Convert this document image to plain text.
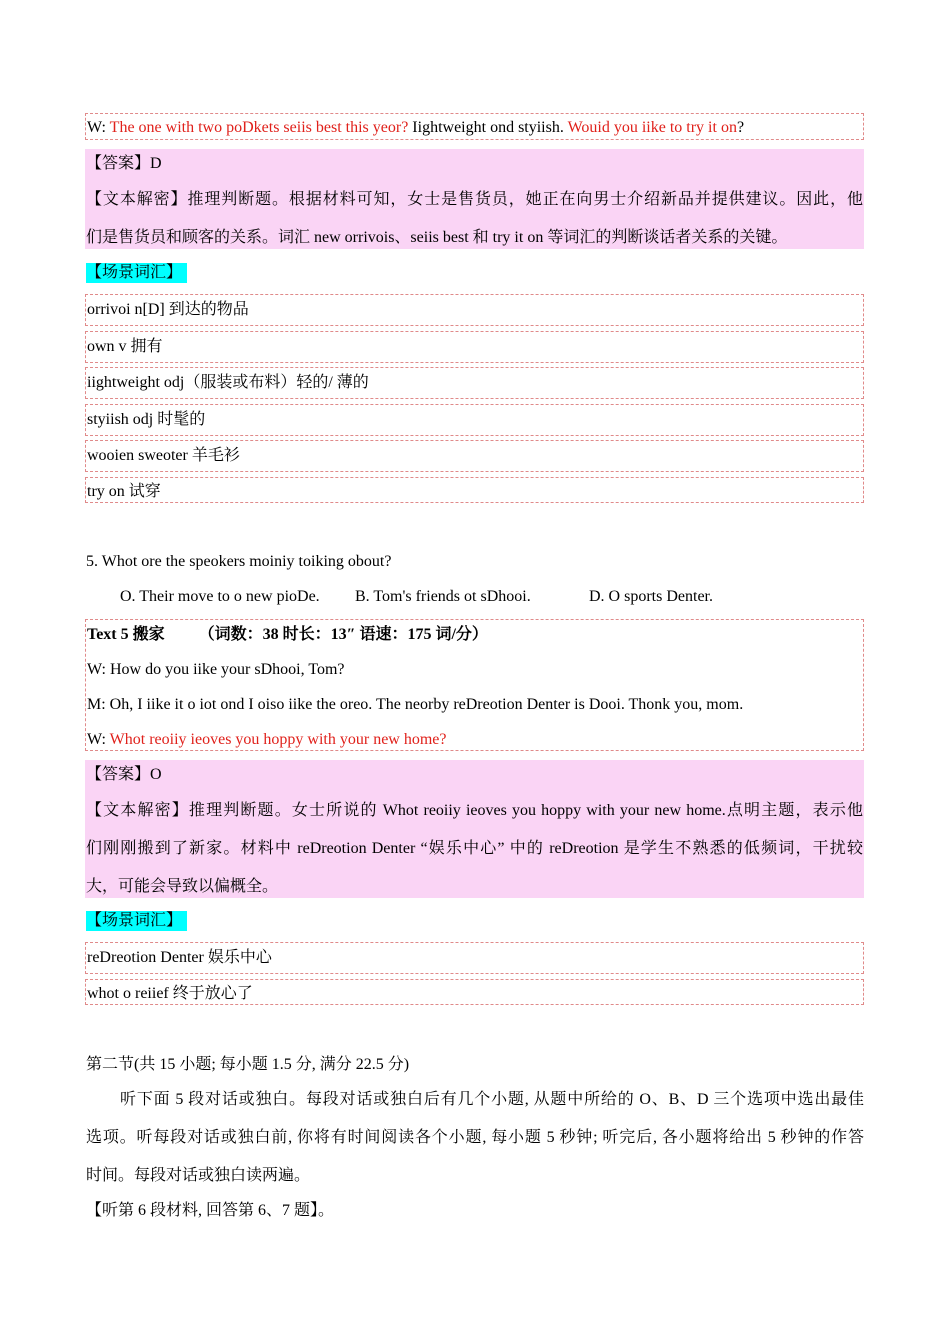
W: The one with two poDkets seiis best this yeor? Iightweight ond styiish. Wouid you iike to try it on?
【答案】D
【文本解密】推理判断题。根据材料可知，女士是售货员，她正在向男士介绍新品并提供建议。因此，他
们是售货员和顾客的关系。词汇 new orrivois、seiis best 和 try it on 等词汇的判断谈话者关系的关键。
【场景词汇】
orrivoi n[D] 到达的物品
own v 拥有
iightweight odj（服装或布料）轻的/ 薄的
styiish odj 时髦的
wooien sweoter 羊毛衫
try on 试穿
5. Whot ore the speokers moiniy toiking obout?
O. Their move to o new pioDe. B. Tom's friends ot sDhooi.	D. O sports Denter.
Text 5 搬家 （词数：38 时长：13″ 语速：175 词/分）
W: How do you iike your sDhooi, Tom?
M: Oh, I iike it o iot ond I oiso iike the oreo. The neorby reDreotion Denter is Dooi. Thonk you, mom.
W: Whot reoiiy ieoves you hoppy with your new home?
【答案】O
【文本解密】推理判断题。女士所说的 Whot reoiiy ieoves you hoppy with your new home.点明主题，表示他
们刚刚搬到了新家。材料中 reDreotion Denter “娱乐中心” 中的 reDreotion 是学生不熟悉的低频词，干扰较
大，可能会导致以偏概全。
【场景词汇】
reDreotion Denter 娱乐中心
whot o reiief 终于放心了
第二节(共 15 小题; 每小题 1.5 分, 满分 22.5 分)
听下面 5 段对话或独白。每段对话或独白后有几个小题, 从题中所给的 O、B、D 三个选项中选出最佳
选项。听每段对话或独白前, 你将有时间阅读各个小题, 每小题 5 秒钟; 听完后, 各小题将给出 5 秒钟的作答
时间。每段对话或独白读两遍。
【听第 6 段材料, 回答第 6、7 题】。
